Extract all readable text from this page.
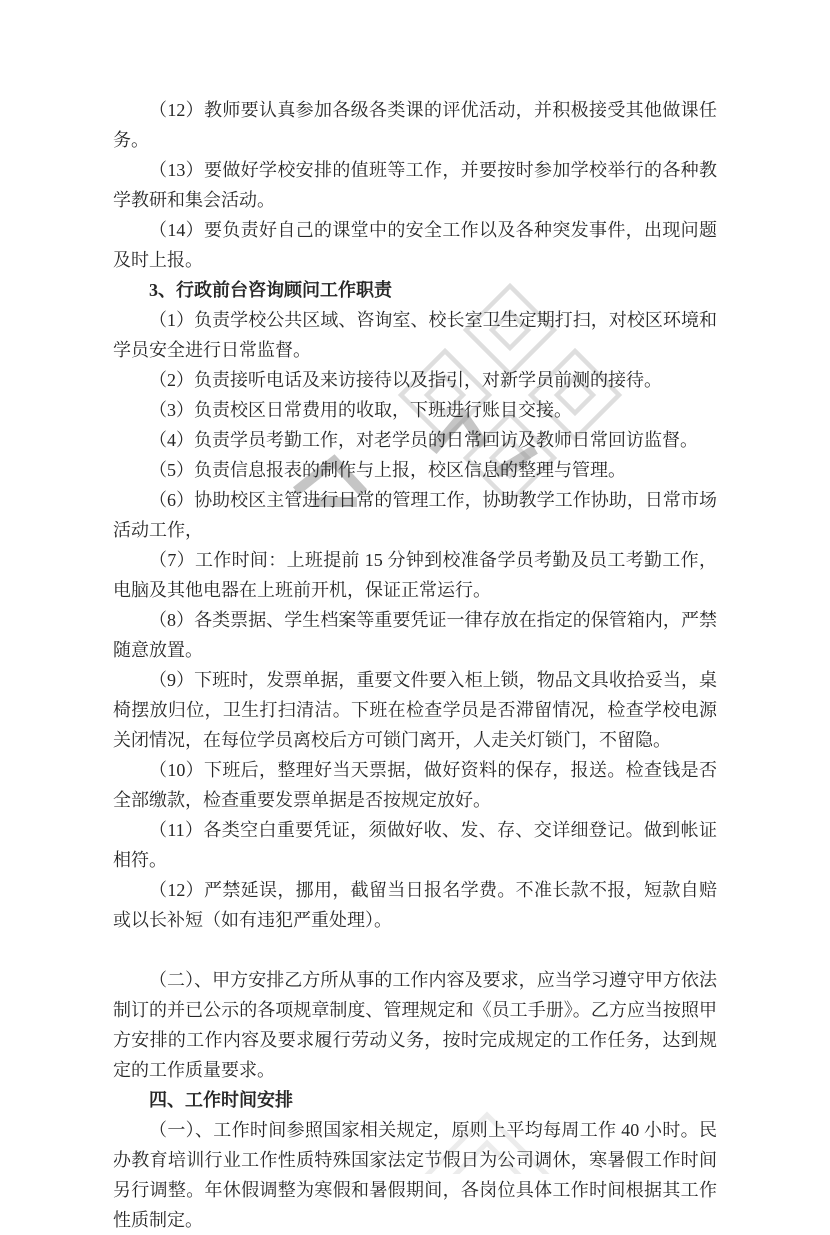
（12）教师要认真参加各级各类课的评优活动，并积极接受其他做课任务。

（13）要做好学校安排的值班等工作，并要按时参加学校举行的各种教学教研和集会活动。

（14）要负责好自己的课堂中的安全工作以及各种突发事件，出现问题及时上报。

3、行政前台咨询顾问工作职责

（1）负责学校公共区域、咨询室、校长室卫生定期打扫，对校区环境和学员安全进行日常监督。

（2）负责接听电话及来访接待以及指引，对新学员前测的接待。

（3）负责校区日常费用的收取，下班进行账目交接。

（4）负责学员考勤工作，对老学员的日常回访及教师日常回访监督。

（5）负责信息报表的制作与上报，校区信息的整理与管理。

（6）协助校区主管进行日常的管理工作，协助教学工作协助，日常市场活动工作，

（7）工作时间：上班提前 15 分钟到校准备学员考勤及员工考勤工作，电脑及其他电器在上班前开机，保证正常运行。

（8）各类票据、学生档案等重要凭证一律存放在指定的保管箱内，严禁随意放置。

（9）下班时，发票单据，重要文件要入柜上锁，物品文具收拾妥当，桌椅摆放归位，卫生打扫清洁。下班在检查学员是否滞留情况，检查学校电源关闭情况，在每位学员离校后方可锁门离开，人走关灯锁门，不留隐。

（10）下班后，整理好当天票据，做好资料的保存，报送。检查钱是否全部缴款，检查重要发票单据是否按规定放好。

（11）各类空白重要凭证，须做好收、发、存、交详细登记。做到帐证相符。

（12）严禁延误，挪用，截留当日报名学费。不准长款不报，短款自赔或以长补短（如有违犯严重处理）。

（二）、甲方安排乙方所从事的工作内容及要求，应当学习遵守甲方依法制订的并已公示的各项规章制度、管理规定和《员工手册》。乙方应当按照甲方安排的工作内容及要求履行劳动义务，按时完成规定的工作任务，达到规定的工作质量要求。

四、工作时间安排

（一）、工作时间参照国家相关规定，原则上平均每周工作 40 小时。民办教育培训行业工作性质特殊国家法定节假日为公司调休，寒暑假工作时间另行调整。年休假调整为寒假和暑假期间，各岗位具体工作时间根据其工作性质制定。
